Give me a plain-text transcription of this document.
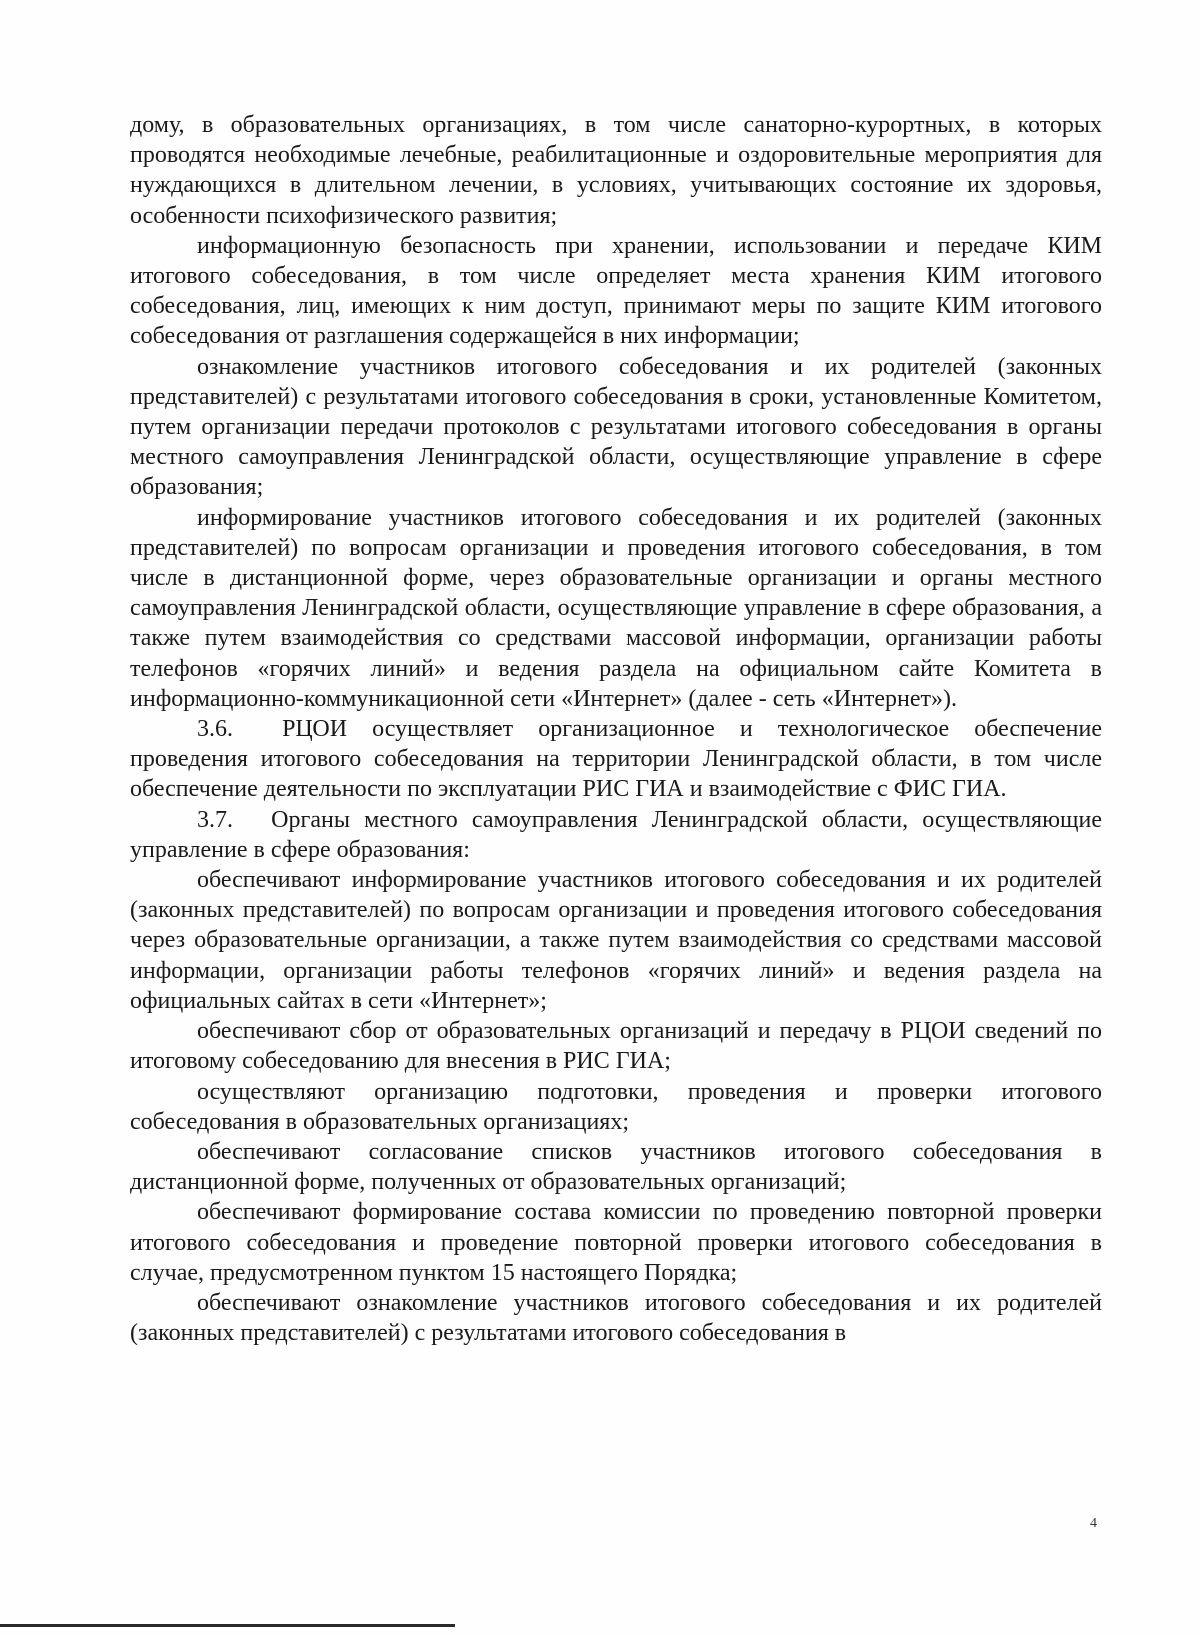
дому, в образовательных организациях, в том числе санаторно-курортных, в которых проводятся необходимые лечебные, реабилитационные и оздоровительные мероприятия для нуждающихся в длительном лечении, в условиях, учитывающих состояние их здоровья, особенности психофизического развития;

информационную безопасность при хранении, использовании и передаче КИМ итогового собеседования, в том числе определяет места хранения КИМ итогового собеседования, лиц, имеющих к ним доступ, принимают меры по защите КИМ итогового собеседования от разглашения содержащейся в них информации;

ознакомление участников итогового собеседования и их родителей (законных представителей) с результатами итогового собеседования в сроки, установленные Комитетом, путем организации передачи протоколов с результатами итогового собеседования в органы местного самоуправления Ленинградской области, осуществляющие управление в сфере образования;

информирование участников итогового собеседования и их родителей (законных представителей) по вопросам организации и проведения итогового собеседования, в том числе в дистанционной форме, через образовательные организации и органы местного самоуправления Ленинградской области, осуществляющие управление в сфере образования, а также путем взаимодействия со средствами массовой информации, организации работы телефонов «горячих линий» и ведения раздела на официальном сайте Комитета в информационно-коммуникационной сети «Интернет» (далее - сеть «Интернет»).

3.6.  РЦОИ осуществляет организационное и технологическое обеспечение проведения итогового собеседования на территории Ленинградской области, в том числе обеспечение деятельности по эксплуатации РИС ГИА и взаимодействие с ФИС ГИА.

3.7.  Органы местного самоуправления Ленинградской области, осуществляющие управление в сфере образования:

обеспечивают информирование участников итогового собеседования и их родителей (законных представителей) по вопросам организации и проведения итогового собеседования через образовательные организации, а также путем взаимодействия со средствами массовой информации, организации работы телефонов «горячих линий» и ведения раздела на официальных сайтах в сети «Интернет»;

обеспечивают сбор от образовательных организаций и передачу в РЦОИ сведений по итоговому собеседованию для внесения в РИС ГИА;

осуществляют организацию подготовки, проведения и проверки итогового собеседования в образовательных организациях;

обеспечивают согласование списков участников итогового собеседования в дистанционной форме, полученных от образовательных организаций;

обеспечивают формирование состава комиссии по проведению повторной проверки итогового собеседования и проведение повторной проверки итогового собеседования в случае, предусмотренном пунктом 15 настоящего Порядка;

обеспечивают ознакомление участников итогового собеседования и их родителей (законных представителей) с результатами итогового собеседования в

4
